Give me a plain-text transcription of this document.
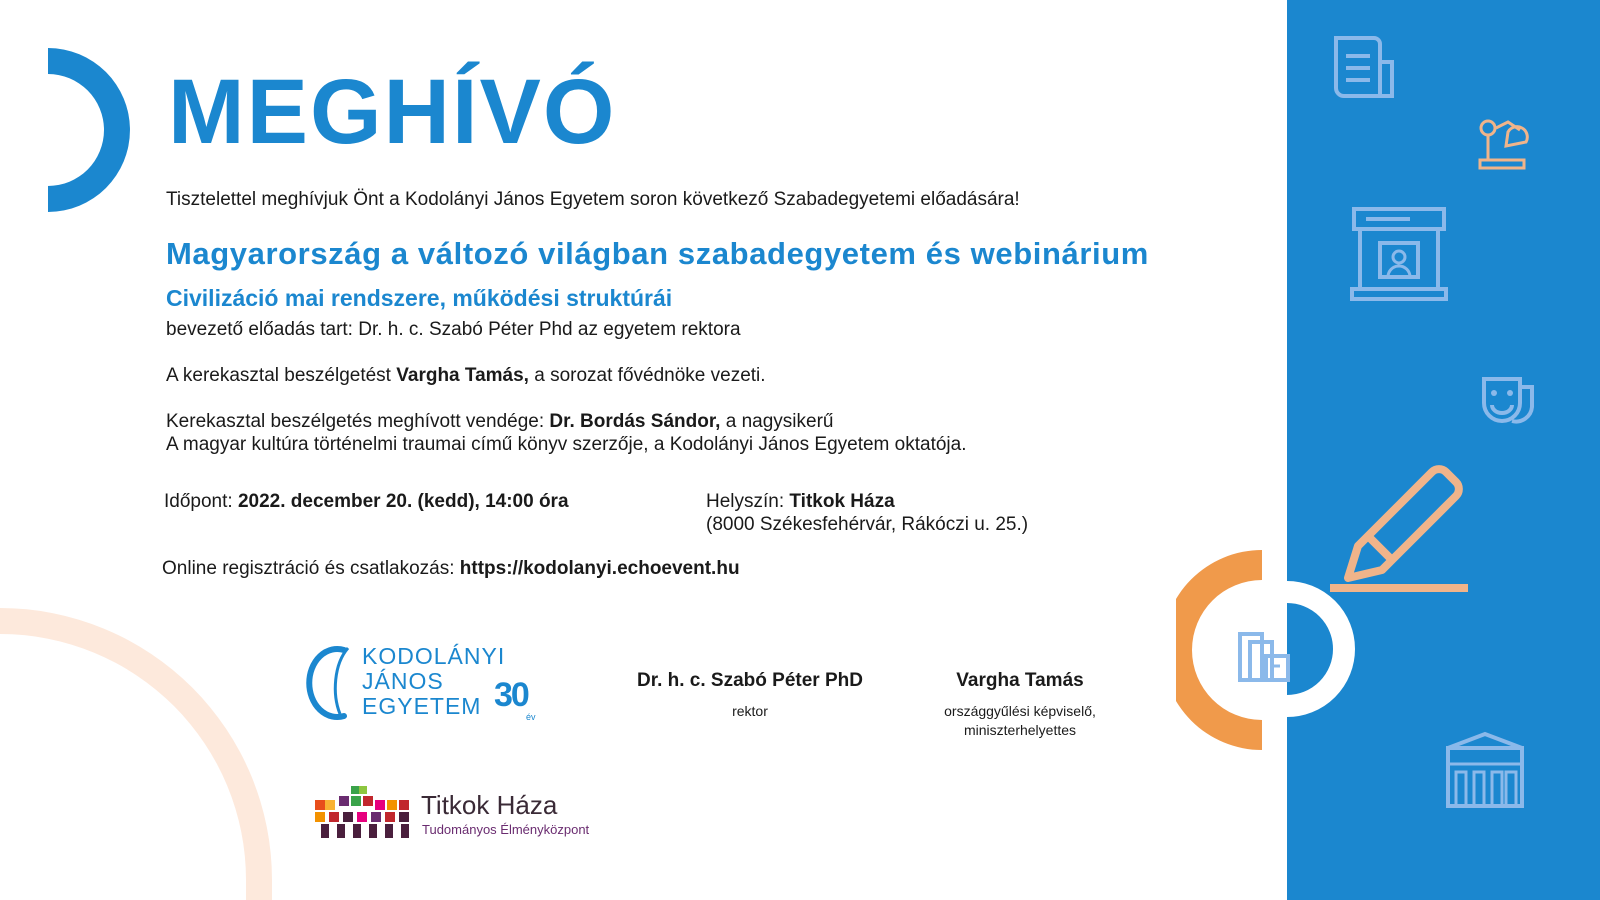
MEGHÍVÓ
Tisztelettel meghívjuk Önt a Kodolányi János Egyetem soron következő Szabadegyetemi előadására!
Magyarország a változó világban szabadegyetem és webinárium
Civilizáció mai rendszere, működési struktúrái
bevezető előadás tart: Dr. h. c. Szabó Péter Phd az egyetem rektora
A kerekasztal beszélgetést Vargha Tamás, a sorozat fővédnöke vezeti.
Kerekasztal beszélgetés meghívott vendége: Dr. Bordás Sándor, a nagysikerű
A magyar kultúra történelmi traumai című könyv szerzője, a Kodolányi János Egyetem oktatója.
Időpont: 2022. december 20. (kedd), 14:00 óra	Helyszín: Titkok Háza
(8000 Székesfehérvár, Rákóczi u. 25.)
Online regisztráció és csatlakozás: https://kodolanyi.echoevent.hu
KODOLÁNYI
JÁNOS
EGYETEM 30
év
Dr. h. c. Szabó Péter PhD
rektor
Vargha Tamás
országgyűlési képviselő,
miniszterhelyettes
Titkok Háza
Tudományos Élményközpont
